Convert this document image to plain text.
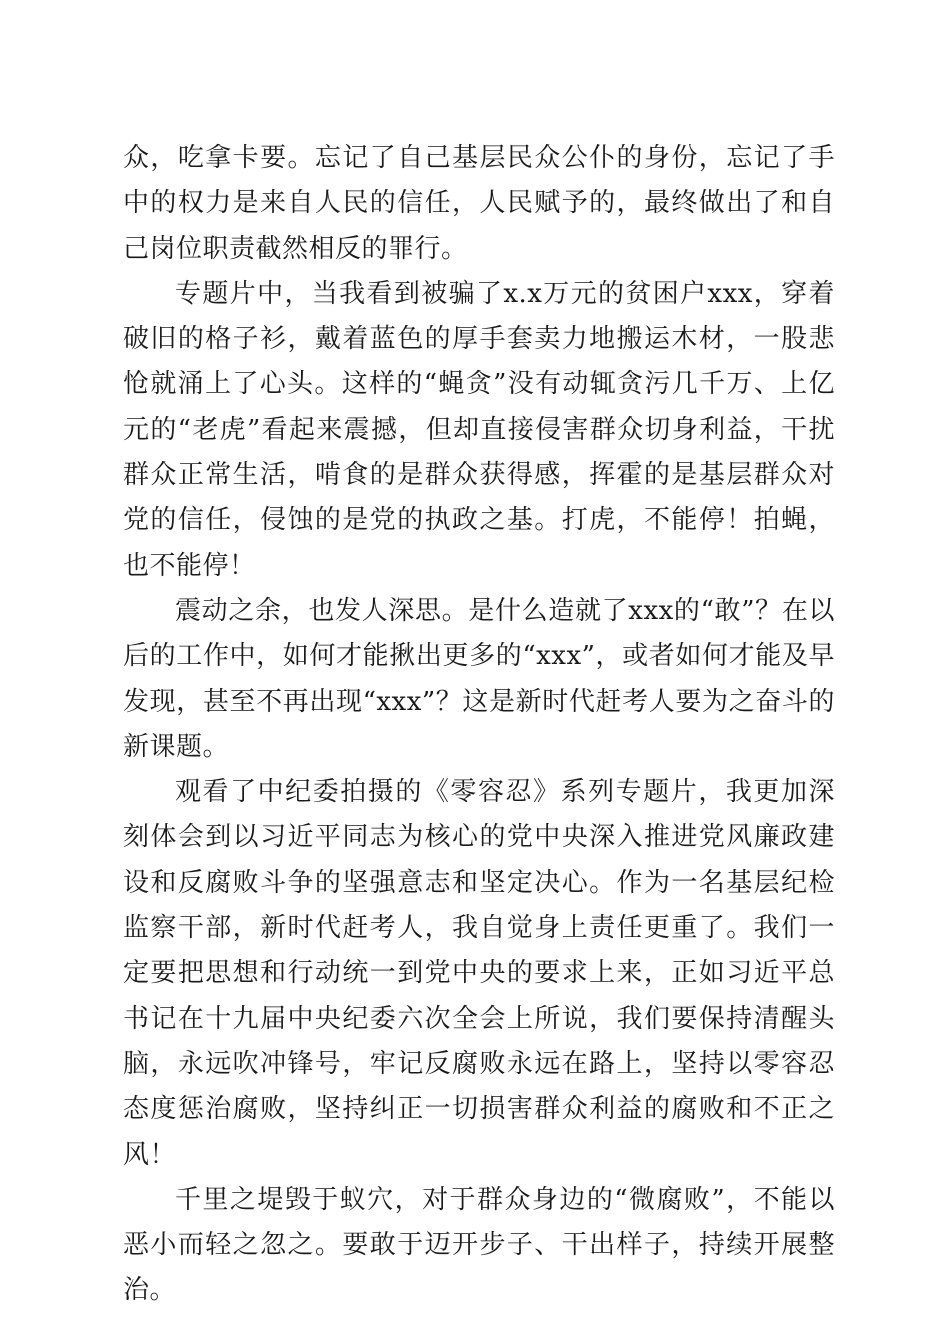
众，吃拿卡要。忘记了自己基层民众公仆的身份，忘记了手中的权力是来自人民的信任，人民赋予的，最终做出了和自己岗位职责截然相反的罪行。

专题片中，当我看到被骗了x.x万元的贫困户xxx，穿着破旧的格子衫，戴着蓝色的厚手套卖力地搬运木材，一股悲怆就涌上了心头。这样的“蝇贪”没有动辄贪污几千万、上亿元的“老虎”看起来震撼，但却直接侵害群众切身利益，干扰群众正常生活，啃食的是群众获得感，挥霍的是基层群众对党的信任，侵蚀的是党的执政之基。打虎，不能停！拍蝇，也不能停！

震动之余，也发人深思。是什么造就了xxx的“敢”？在以后的工作中，如何才能揪出更多的“xxx”，或者如何才能及早发现，甚至不再出现“xxx”？这是新时代赶考人要为之奋斗的新课题。

观看了中纪委拍摄的《零容忍》系列专题片，我更加深刻体会到以习近平同志为核心的党中央深入推进党风廉政建设和反腐败斗争的坚强意志和坚定决心。作为一名基层纪检监察干部，新时代赶考人，我自觉身上责任更重了。我们一定要把思想和行动统一到党中央的要求上来，正如习近平总书记在十九届中央纪委六次全会上所说，我们要保持清醒头脑，永远吹冲锋号，牢记反腐败永远在路上，坚持以零容忍态度惩治腐败，坚持纠正一切损害群众利益的腐败和不正之风！

千里之堤毁于蚁穴，对于群众身边的“微腐败”，不能以恶小而轻之忽之。要敢于迈开步子、干出样子，持续开展整治。
